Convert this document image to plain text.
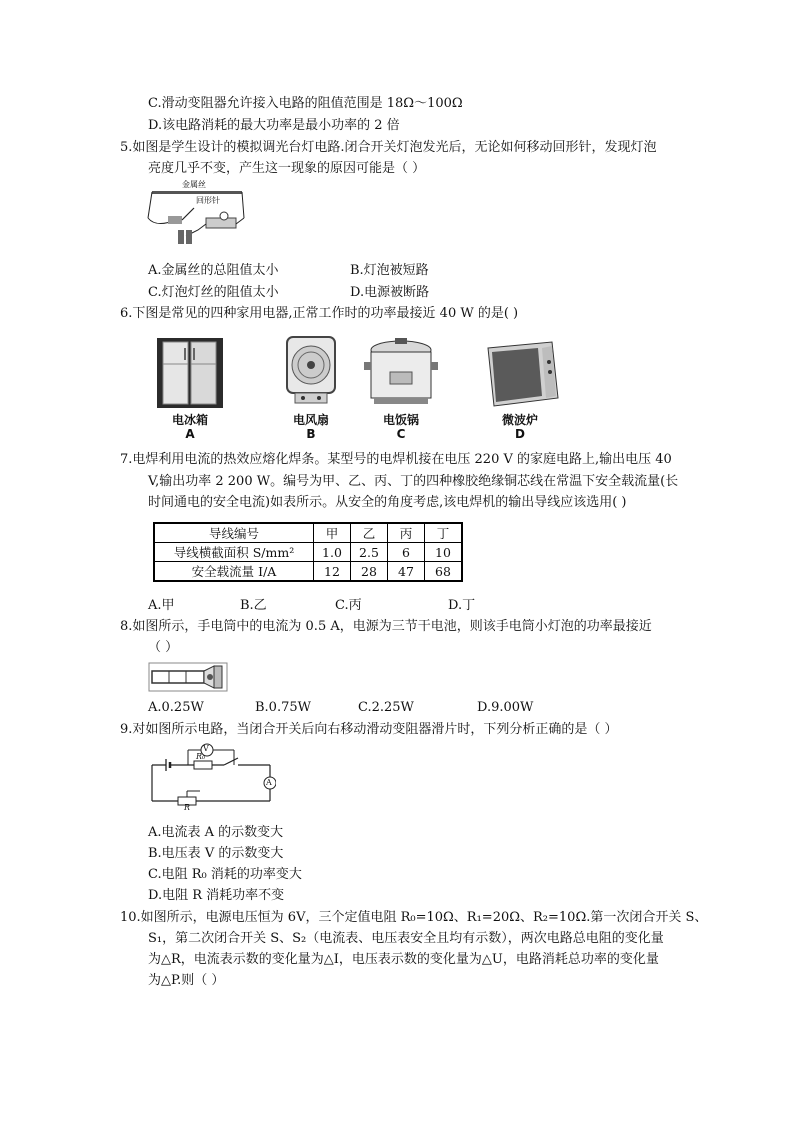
C.滑动变阻器允许接入电路的阻值范围是 18Ω～100Ω
D.该电路消耗的最大功率是最小功率的 2 倍
5.如图是学生设计的模拟调光台灯电路.闭合开关灯泡发光后，无论如何移动回形针，发现灯泡
亮度几乎不变，产生这一现象的原因可能是（ ）
金属丝
回形针
A.金属丝的总阻值太小	B.灯泡被短路
C.灯泡灯丝的阻值太小	D.电源被断路
6.下图是常见的四种家用电器,正常工作时的功率最接近 40 W 的是( )
电冰箱
A
电风扇
B
电饭锅
C
微波炉
D
7.电焊利用电流的热效应熔化焊条。某型号的电焊机接在电压 220 V 的家庭电路上,输出电压 40
V,输出功率 2 200 W。编号为甲、乙、丙、丁的四种橡胶绝缘铜芯线在常温下安全载流量(长
时间通电的安全电流)如表所示。从安全的角度考虑,该电焊机的输出导线应该选用( )
导线编号	甲	乙	丙	丁
导线横截面积 S/mm²	1.0	2.5	6	10
安全载流量 I/A	12	28	47	68
A.甲	B.乙	C.丙	D.丁
8.如图所示，手电筒中的电流为 0.5 A，电源为三节干电池，则该手电筒小灯泡的功率最接近
（ ）
A.0.25W	B.0.75W	C.2.25W	D.9.00W
9.对如图所示电路，当闭合开关后向右移动滑动变阻器滑片时，下列分析正确的是（ ）
V
A
R₀
R
A.电流表 A 的示数变大
B.电压表 V 的示数变大
C.电阻 R₀ 消耗的功率变大
D.电阻 R 消耗功率不变
10.如图所示，电源电压恒为 6V，三个定值电阻 R₀=10Ω、R₁=20Ω、R₂=10Ω.第一次闭合开关 S、
S₁，第二次闭合开关 S、S₂（电流表、电压表安全且均有示数），两次电路总电阻的变化量
为△R，电流表示数的变化量为△I，电压表示数的变化量为△U，电路消耗总功率的变化量
为△P.则（ ）
